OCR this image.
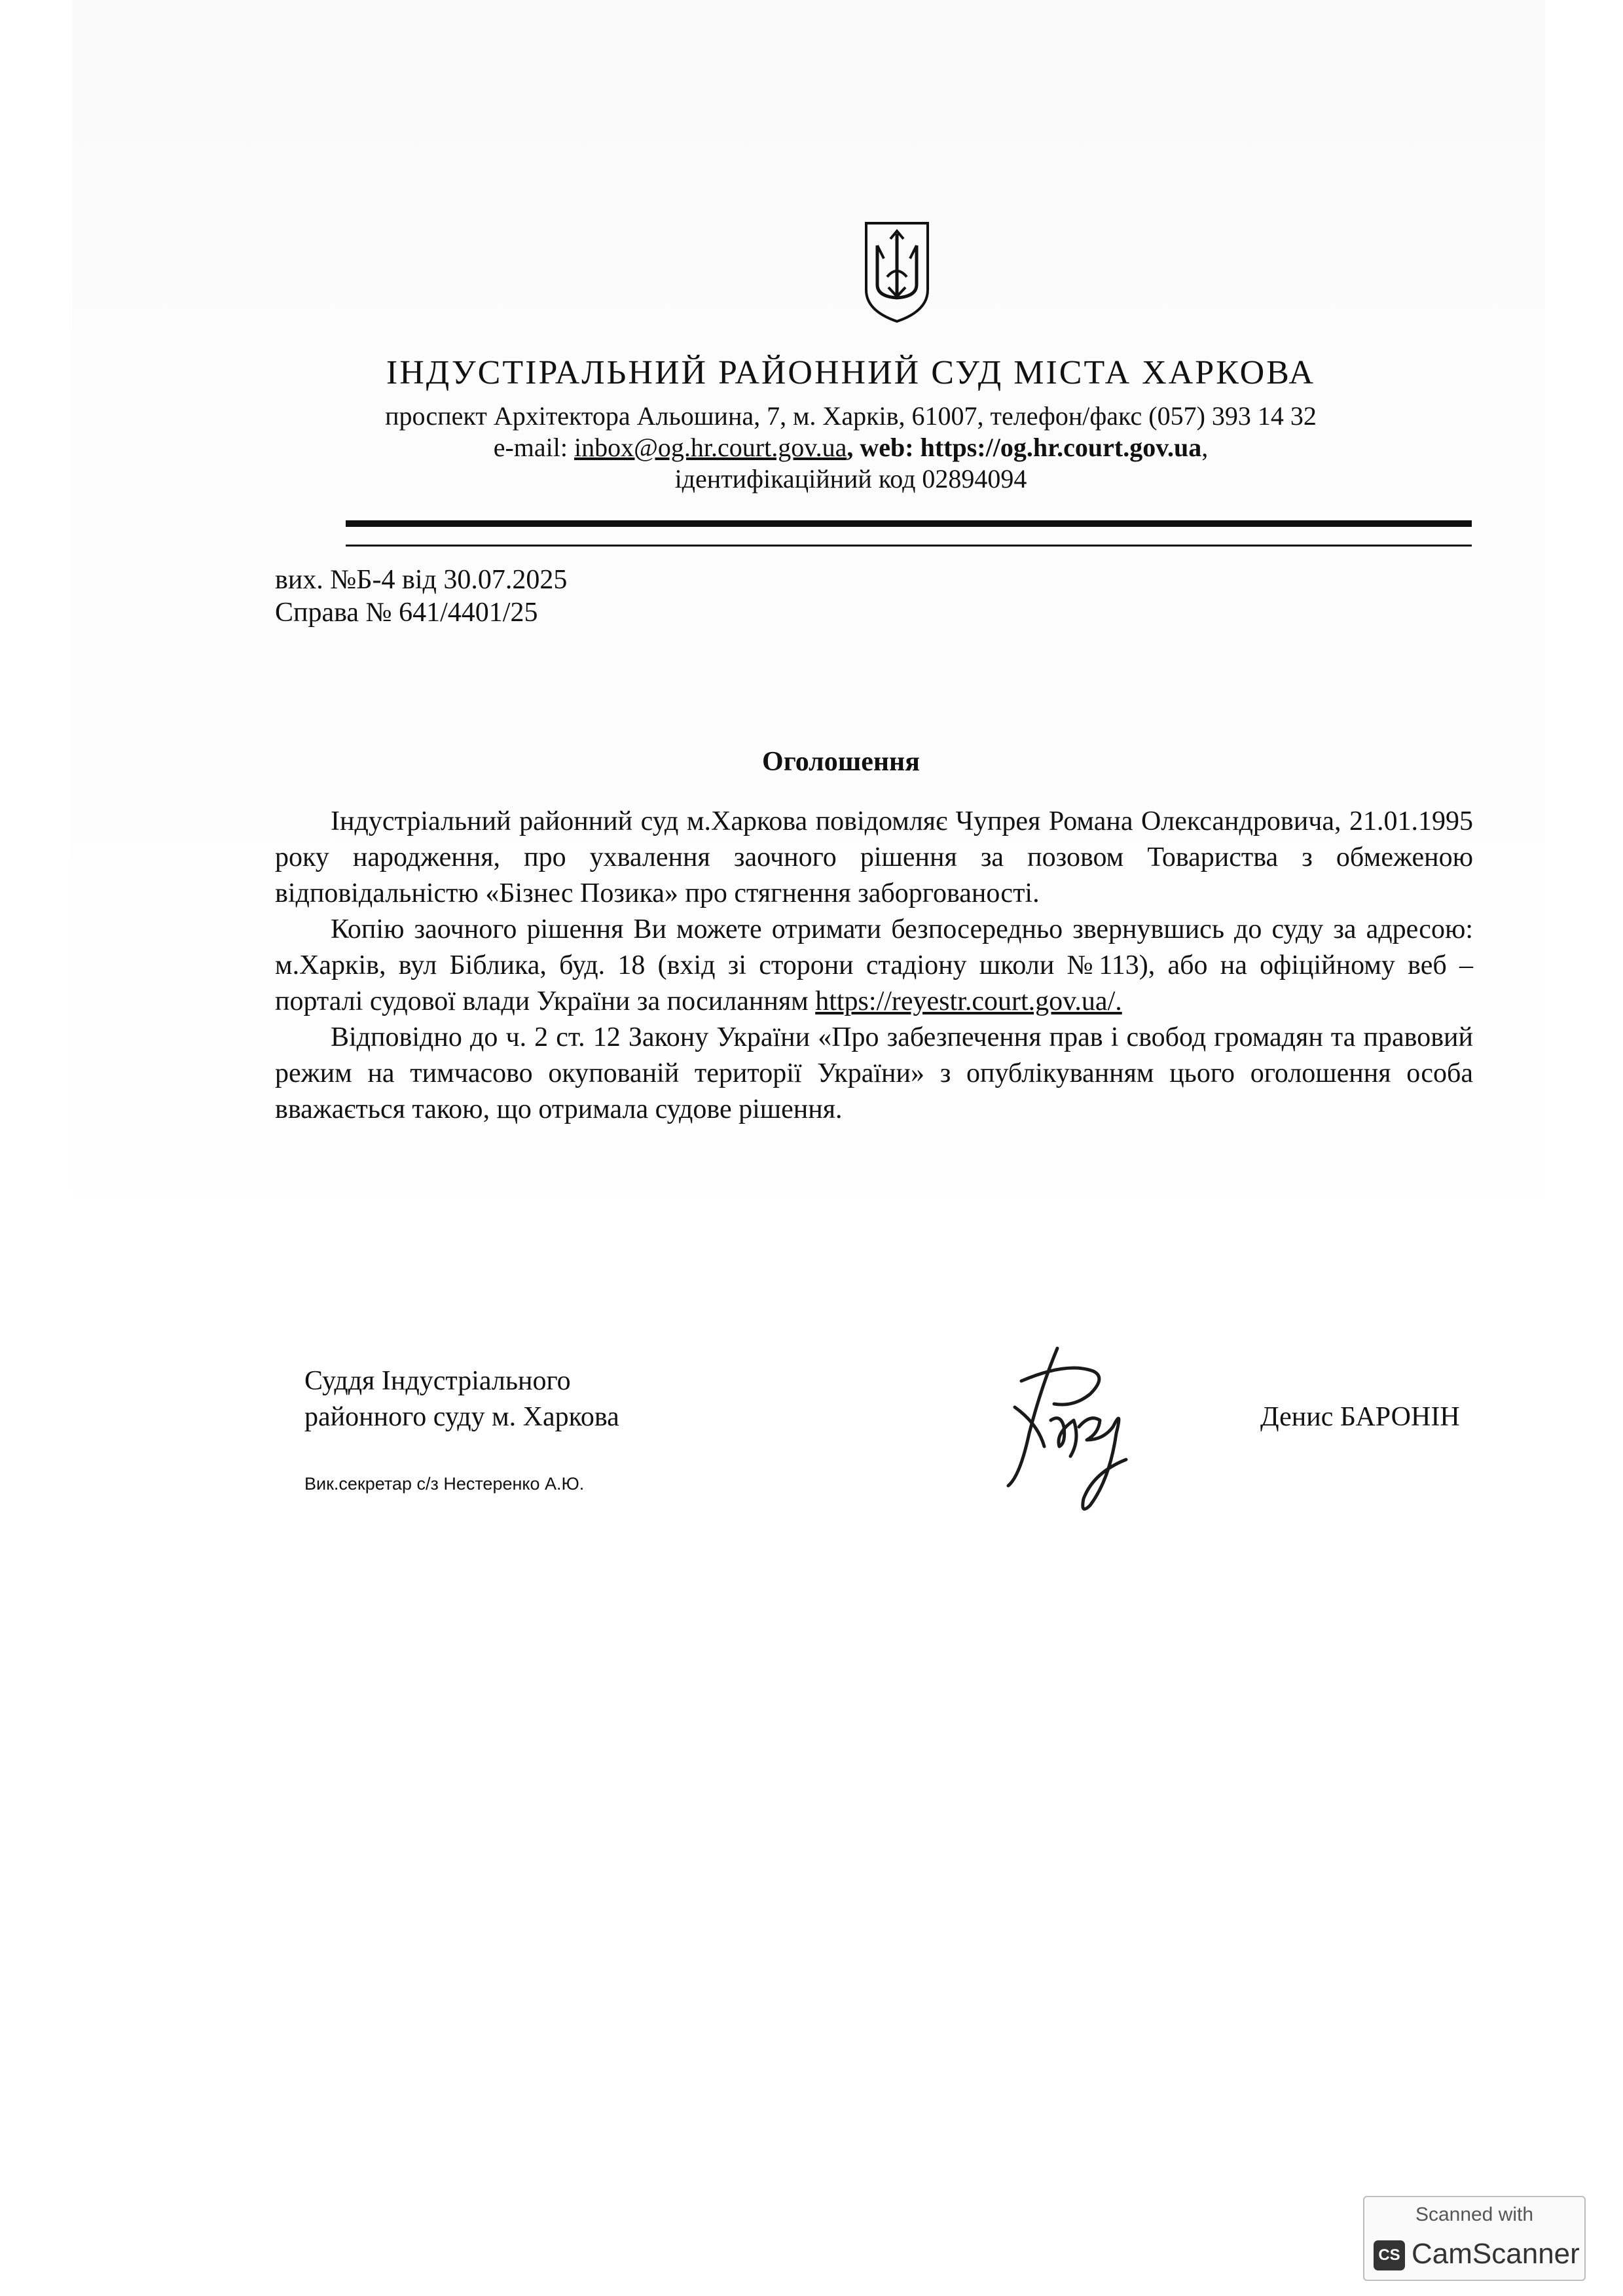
ІНДУСТІРАЛЬНИЙ РАЙОННИЙ СУД МІСТА ХАРКОВА
проспект Архітектора Альошина, 7, м. Харків, 61007, телефон/факс (057) 393 14 32
e-mail: inbox@og.hr.court.gov.ua, web: https://og.hr.court.gov.ua,
ідентифікаційний код 02894094
вих. №Б-4 від 30.07.2025
Справа № 641/4401/25
Оголошення
Індустріальний районний суд м.Харкова повідомляє Чупрея Романа Олександровича, 21.01.1995 року народження, про ухвалення заочного рішення за позовом Товариства з обмеженою відповідальністю «Бізнес Позика» про стягнення заборгованості.
Копію заочного рішення Ви можете отримати безпосередньо звернувшись до суду за адресою: м.Харків, вул Біблика, буд. 18 (вхід зі сторони стадіону школи №113), або на офіційному веб – порталі судової влади України за посиланням https://reyestr.court.gov.ua/.
Відповідно до ч. 2 ст. 12 Закону України «Про забезпечення прав і свобод громадян та правовий режим на тимчасово окупованій території України» з опублікуванням цього оголошення особа вважається такою, що отримала судове рішення.
Суддя Індустріального
районного суду м. Харкова	Денис БАРОНІН
Вик.секретар с/з Нестеренко А.Ю.
Scanned with
CS CamScanner
